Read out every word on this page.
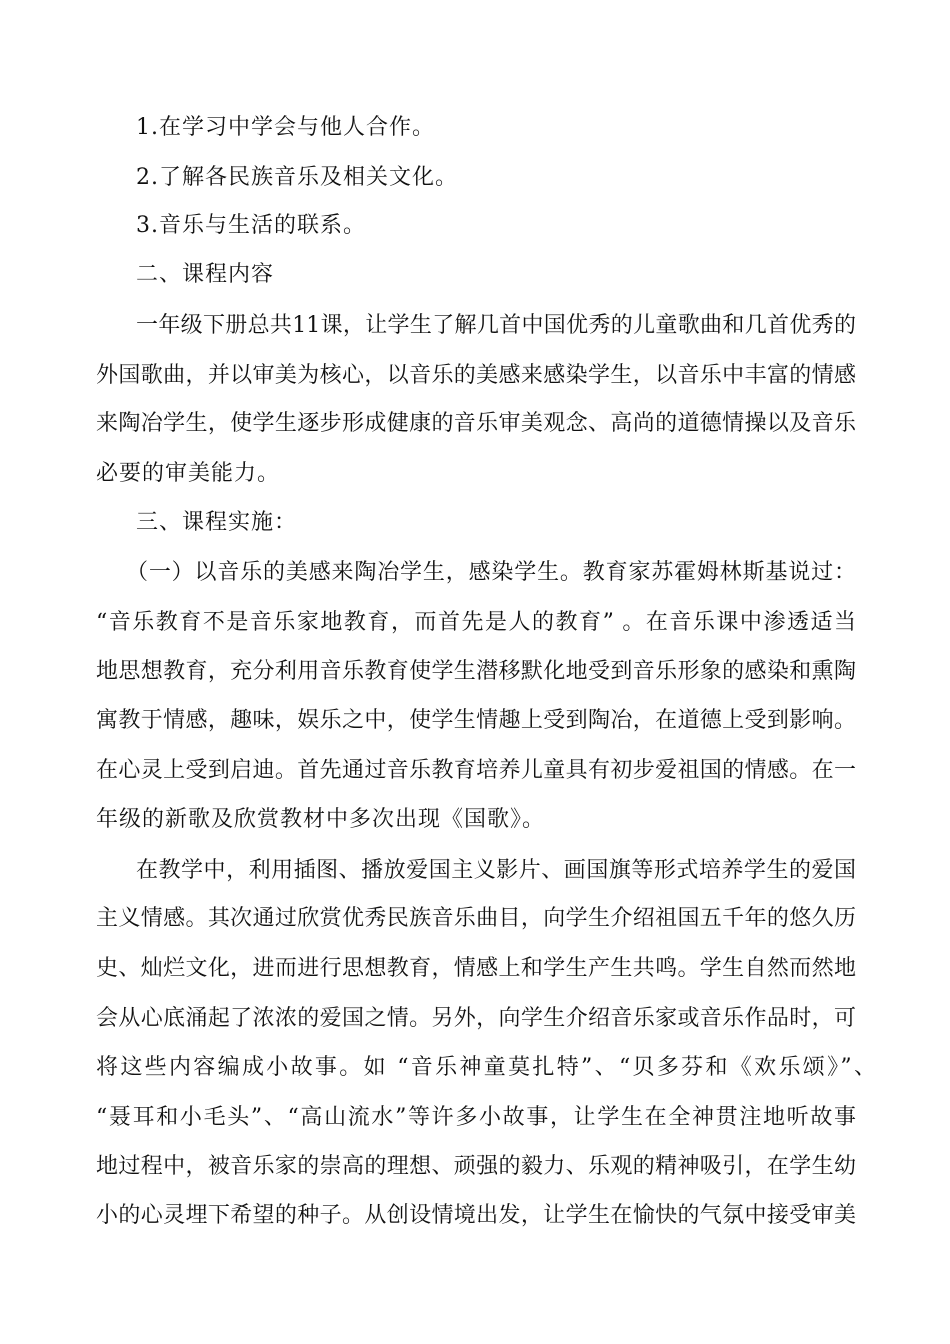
1.在学习中学会与他人合作。
2.了解各民族音乐及相关文化。
3.音乐与生活的联系。
二、课程内容
一年级下册总共11课，让学生了解几首中国优秀的儿童歌曲和几首优秀的
外国歌曲，并以审美为核心，以音乐的美感来感染学生，以音乐中丰富的情感
来陶冶学生，使学生逐步形成健康的音乐审美观念、高尚的道德情操以及音乐
必要的审美能力。
三、课程实施：
（一）以音乐的美感来陶冶学生，感染学生。教育家苏霍姆林斯基说过：
“音乐教育不是音乐家地教育，而首先是人的教育” 。在音乐课中渗透适当
地思想教育，充分利用音乐教育使学生潜移默化地受到音乐形象的感染和熏陶
寓教于情感，趣味，娱乐之中，使学生情趣上受到陶冶，在道德上受到影响。
在心灵上受到启迪。首先通过音乐教育培养儿童具有初步爱祖国的情感。在一
年级的新歌及欣赏教材中多次出现《国歌》。
在教学中，利用插图、播放爱国主义影片、画国旗等形式培养学生的爱国
主义情感。其次通过欣赏优秀民族音乐曲目，向学生介绍祖国五千年的悠久历
史、灿烂文化，进而进行思想教育，情感上和学生产生共鸣。学生自然而然地
会从心底涌起了浓浓的爱国之情。另外，向学生介绍音乐家或音乐作品时，可
将这些内容编成小故事。如 “音乐神童莫扎特”、“贝多芬和《欢乐颂》”、
“聂耳和小毛头”、“高山流水”等许多小故事，让学生在全神贯注地听故事
地过程中，被音乐家的崇高的理想、顽强的毅力、乐观的精神吸引，在学生幼
小的心灵埋下希望的种子。从创设情境出发，让学生在愉快的气氛中接受审美
